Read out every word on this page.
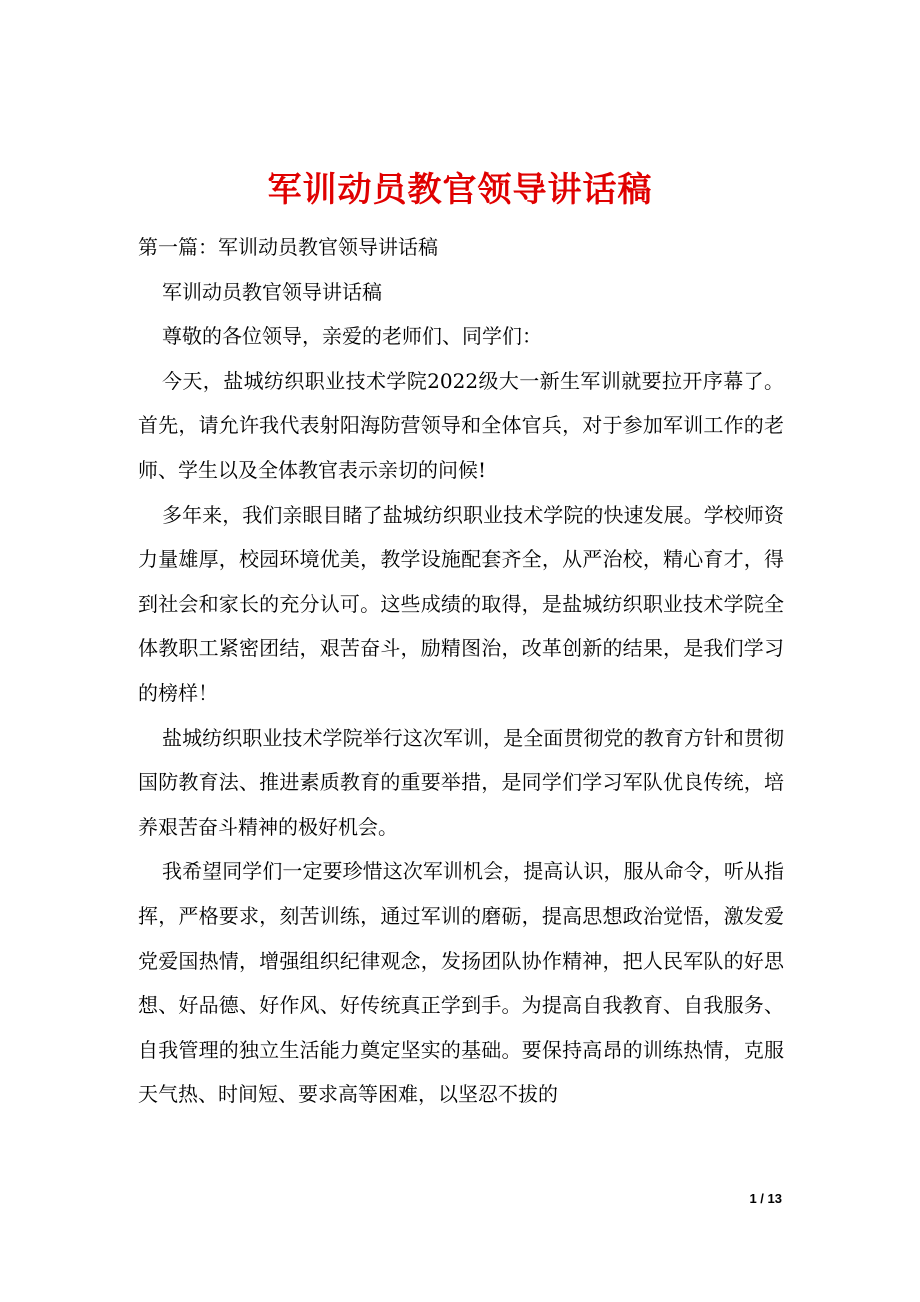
军训动员教官领导讲话稿

第一篇：军训动员教官领导讲话稿

军训动员教官领导讲话稿

尊敬的各位领导，亲爱的老师们、同学们：

今天，盐城纺织职业技术学院2022级大一新生军训就要拉开序幕了。首先，请允许我代表射阳海防营领导和全体官兵，对于参加军训工作的老师、学生以及全体教官表示亲切的问候!

多年来，我们亲眼目睹了盐城纺织职业技术学院的快速发展。学校师资力量雄厚，校园环境优美，教学设施配套齐全，从严治校，精心育才，得到社会和家长的充分认可。这些成绩的取得，是盐城纺织职业技术学院全体教职工紧密团结，艰苦奋斗，励精图治，改革创新的结果，是我们学习的榜样！

盐城纺织职业技术学院举行这次军训，是全面贯彻党的教育方针和贯彻国防教育法、推进素质教育的重要举措，是同学们学习军队优良传统，培养艰苦奋斗精神的极好机会。

我希望同学们一定要珍惜这次军训机会，提高认识，服从命令，听从指挥，严格要求，刻苦训练，通过军训的磨砺，提高思想政治觉悟，激发爱党爱国热情，增强组织纪律观念，发扬团队协作精神，把人民军队的好思想、好品德、好作风、好传统真正学到手。为提高自我教育、自我服务、自我管理的独立生活能力奠定坚实的基础。要保持高昂的训练热情，克服天气热、时间短、要求高等困难，以坚忍不拔的

1 / 13
